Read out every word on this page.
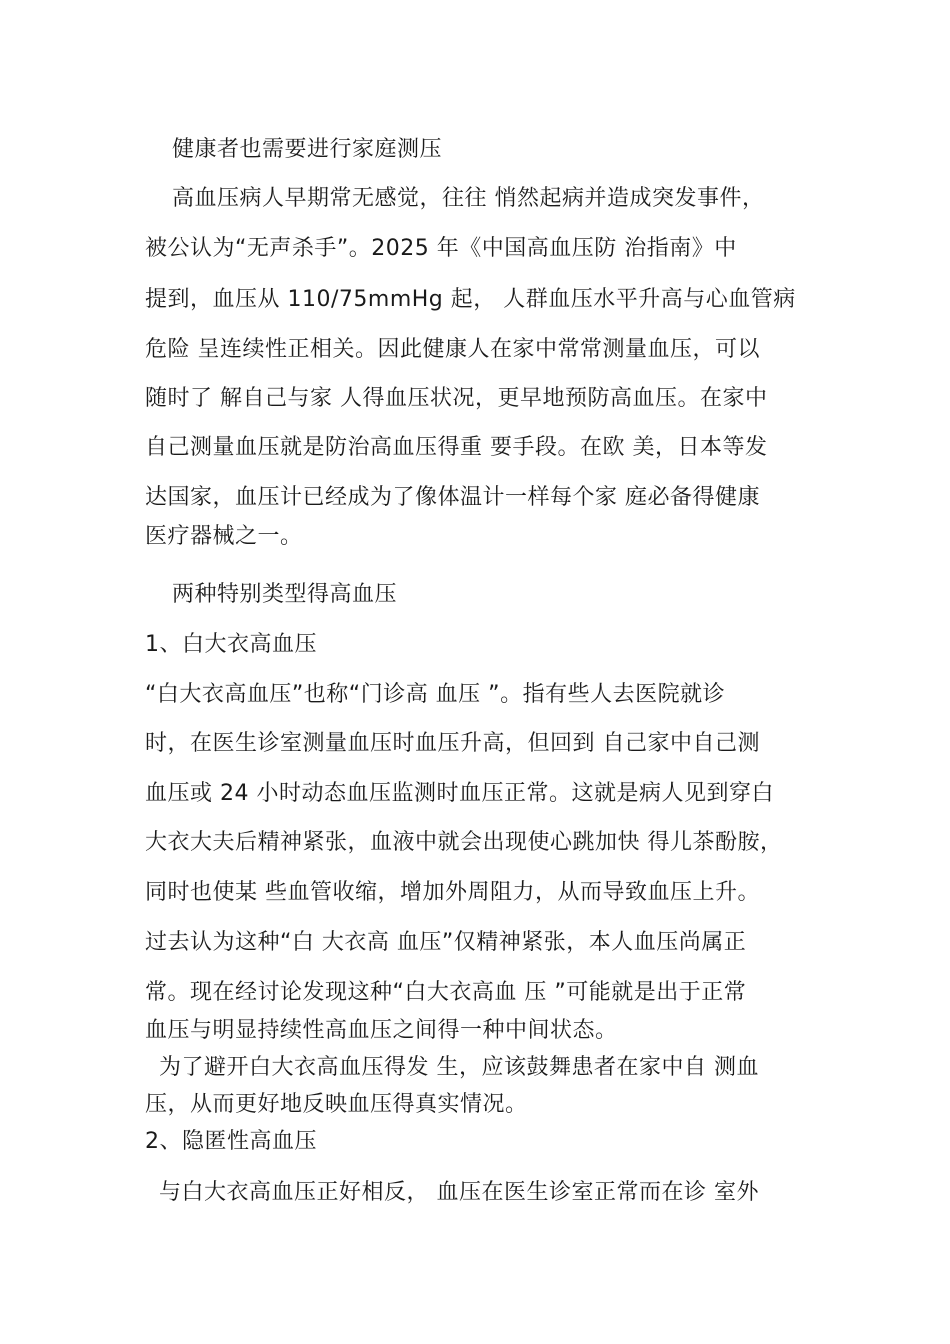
健康者也需要进行家庭测压
高血压病人早期常无感觉，往往 悄然起病并造成突发事件，
被公认为“无声杀手”。2025 年《中国高血压防 治指南》中
提到，血压从 110/75mmHg 起， 人群血压水平升高与心血管病
危险 呈连续性正相关。因此健康人在家中常常测量血压，可以
随时了 解自己与家 人得血压状况，更早地预防高血压。在家中
自己测量血压就是防治高血压得重 要手段。在欧 美，日本等发
达国家，血压计已经成为了像体温计一样每个家 庭必备得健康
医疗器械之一。
两种特别类型得高血压
1、白大衣高血压
“白大衣高血压”也称“门诊高 血压 ”。指有些人去医院就诊
时，在医生诊室测量血压时血压升高，但回到 自己家中自己测
血压或 24 小时动态血压监测时血压正常。这就是病人见到穿白
大衣大夫后精神紧张，血液中就会出现使心跳加快 得儿茶酚胺，
同时也使某 些血管收缩，增加外周阻力，从而导致血压上升。
过去认为这种“白 大衣高 血压”仅精神紧张，本人血压尚属正
常。现在经讨论发现这种“白大衣高血 压 ”可能就是出于正常
血压与明显持续性高血压之间得一种中间状态。
为了避开白大衣高血压得发 生，应该鼓舞患者在家中自 测血
压，从而更好地反映血压得真实情况。
2、隐匿性高血压
与白大衣高血压正好相反， 血压在医生诊室正常而在诊 室外
